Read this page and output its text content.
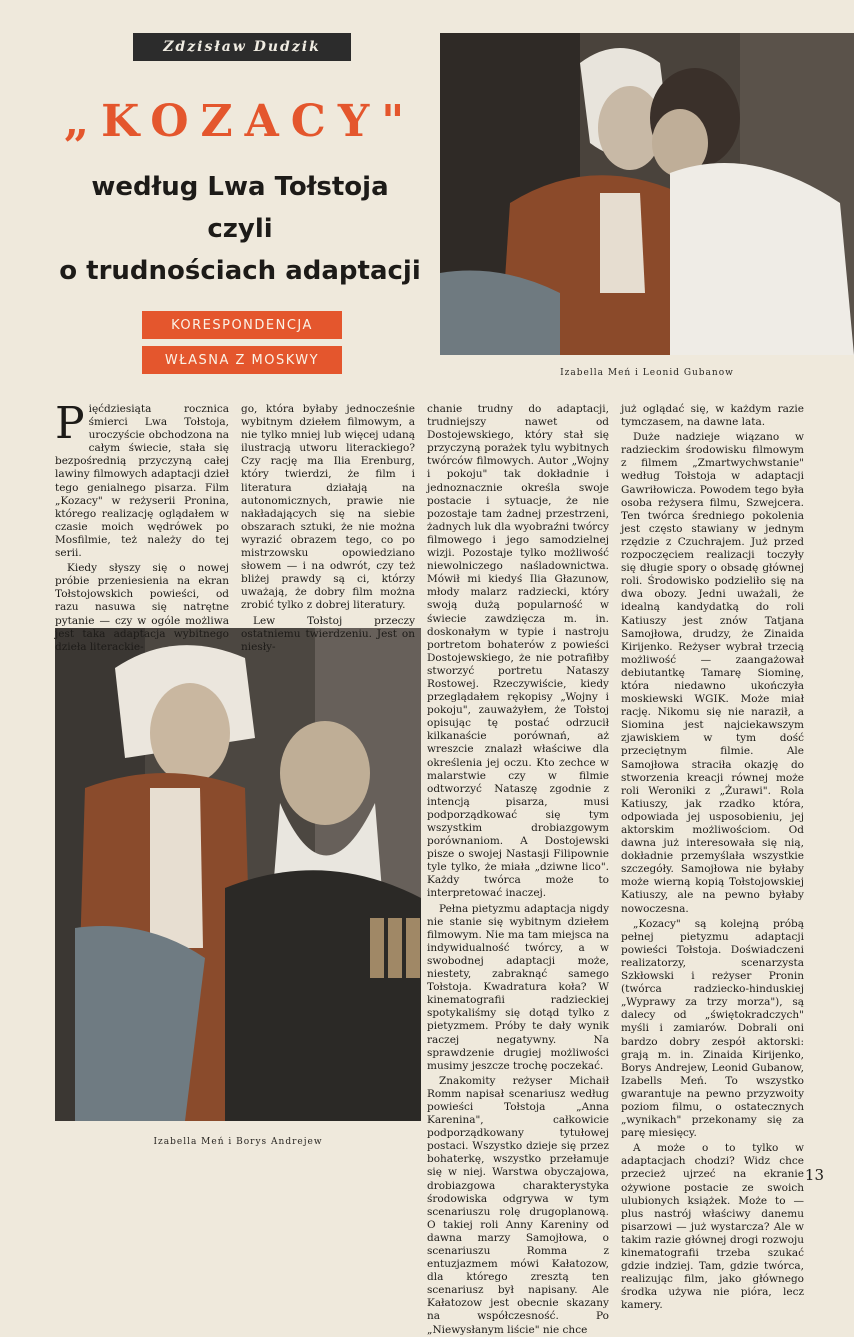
Zdzisław Dudzik
„KOZACY"
według Lwa Tołstoja
czyli
o trudnościach adaptacji
KORESPONDENCJA
WŁASNA Z MOSKWY
Izabella Meń i Leonid Gubanow
Izabella Meń i Borys Andrejew

Pięćdziesiąta rocznica śmierci Lwa Tołstoja, uroczyście obchodzona na całym świecie, stała się bezpośrednią przyczyną całej lawiny filmowych adaptacji dzieł tego genialnego pisarza. Film „Kozacy" w reżyserii Pronina, którego realizację oglądałem w czasie moich wędrówek po Mosfilmie, też należy do tej serii.

Kiedy słyszy się o nowej próbie przeniesienia na ekran Tołstojowskich powieści, od razu nasuwa się natrętne pytanie — czy w ogóle możliwa jest taka adaptacja wybitnego dzieła literackie-

go, która byłaby jednocześnie wybitnym dziełem filmowym, a nie tylko mniej lub więcej udaną ilustracją utworu literackiego? Czy rację ma Ilia Erenburg, który twierdzi, że film i literatura działają na autonomicznych, prawie nie nakładających się na siebie obszarach sztuki, że nie można wyrazić obrazem tego, co po mistrzowsku opowiedziano słowem — i na odwrót, czy też bliżej prawdy są ci, którzy uważają, że dobry film można zrobić tylko z dobrej literatury.

Lew Tołstoj przeczy ostatniemu twierdzeniu. Jest on niesły-

chanie trudny do adaptacji, trudniejszy nawet od Dostojewskiego, który stał się przyczyną porażek tylu wybitnych twórców filmowych. Autor „Wojny i pokoju" tak dokładnie i jednoznacznie określa swoje postacie i sytuacje, że nie pozostaje tam żadnej przestrzeni, żadnych luk dla wyobraźni twórcy filmowego i jego samodzielnej wizji. Pozostaje tylko możliwość niewolniczego naśladownictwa. Mówił mi kiedyś Ilia Głazunow, młody malarz radziecki, który swoją dużą popularność w świecie zawdzięcza m. in. doskonałym w typie i nastroju portretom bohaterów z powieści Dostojewskiego, że nie potrafiłby stworzyć portretu Nataszy Rostowej. Rzeczywiście, kiedy przeglądałem rękopisy „Wojny i pokoju", zauważyłem, że Tołstoj opisując tę postać odrzucił kilkanaście porównań, aż wreszcie znalazł właściwe dla określenia jej oczu. Kto zechce w malarstwie czy w filmie odtworzyć Nataszę zgodnie z intencją pisarza, musi podporządkować się tym wszystkim drobiazgowym porównaniom. A Dostojewski pisze o swojej Nastasji Filipownie tyle tylko, że miała „dziwne lico". Każdy twórca może to interpretować inaczej.

Pełna pietyzmu adaptacja nigdy nie stanie się wybitnym dziełem filmowym. Nie ma tam miejsca na indywidualność twórcy, a w swobodnej adaptacji może, niestety, zabraknąć samego Tołstoja. Kwadratura koła? W kinematografii radzieckiej spotykaliśmy się dotąd tylko z pietyzmem. Próby te dały wynik raczej negatywny. Na sprawdzenie drugiej możliwości musimy jeszcze trochę poczekać.

Znakomity reżyser Michaił Romm napisał scenariusz według powieści Tołstoja „Anna Karenina", całkowicie podporządkowany tytułowej postaci. Wszystko dzieje się przez bohaterkę, wszystko przełamuje się w niej. Warstwa obyczajowa, drobiazgowa charakterystyka środowiska odgrywa w tym scenariuszu rolę drugoplanową. O takiej roli Anny Kareniny od dawna marzy Samojłowa, o scenariuszu Romma z entuzjazmem mówi Kałatozow, dla którego zresztą ten scenariusz był napisany. Ale Kałatozow jest obecnie skazany na współczesność. Po „Niewysłanym liście" nie chce

już oglądać się, w każdym razie tymczasem, na dawne lata.

Duże nadzieje wiązano w radzieckim środowisku filmowym z filmem „Zmartwychwstanie" według Tołstoja w adaptacji Gawriłowicza. Powodem tego była osoba reżysera filmu, Szwejcera. Ten twórca średniego pokolenia jest często stawiany w jednym rzędzie z Czuchrajem. Już przed rozpoczęciem realizacji toczyły się długie spory o obsadę głównej roli. Środowisko podzieliło się na dwa obozy. Jedni uważali, że idealną kandydatką do roli Katiuszy jest znów Tatjana Samojłowa, drudzy, że Zinaida Kirijenko. Reżyser wybrał trzecią możliwość — zaangażował debiutantkę Tamarę Siominę, która niedawno ukończyła moskiewski WGIK. Może miał rację. Nikomu się nie naraził, a Siomina jest najciekawszym zjawiskiem w tym dość przeciętnym filmie. Ale Samojłowa straciła okazję do stworzenia kreacji równej może roli Weroniki z „Żurawi". Rola Katiuszy, jak rzadko która, odpowiada jej usposobieniu, jej aktorskim możliwościom. Od dawna już interesowała się nią, dokładnie przemyślała wszystkie szczegóły. Samojłowa nie byłaby może wierną kopią Tołstojowskiej Katiuszy, ale na pewno byłaby nowoczesna.

„Kozacy" są kolejną próbą pełnej pietyzmu adaptacji powieści Tołstoja. Doświadczeni realizatorzy, scenarzysta Szkłowski i reżyser Pronin (twórca radziecko-hinduskiej „Wyprawy za trzy morza"), są dalecy od „świętokradczych" myśli i zamiarów. Dobrali oni bardzo dobry zespół aktorski: grają m. in. Zinaida Kirijenko, Borys Andrejew, Leonid Gubanow, Izabells Meń. To wszystko gwarantuje na pewno przyzwoity poziom filmu, o ostatecznych „wynikach" przekonamy się za parę miesięcy.

A może o to tylko w adaptacjach chodzi? Widz chce przecież ujrzeć na ekranie ożywione postacie ze swoich ulubionych książek. Może to — plus nastrój właściwy danemu pisarzowi — już wystarcza? Ale w takim razie głównej drogi rozwoju kinematografii trzeba szukać gdzie indziej. Tam, gdzie twórca, realizując film, jako głównego środka używa nie pióra, lecz kamery.

13
